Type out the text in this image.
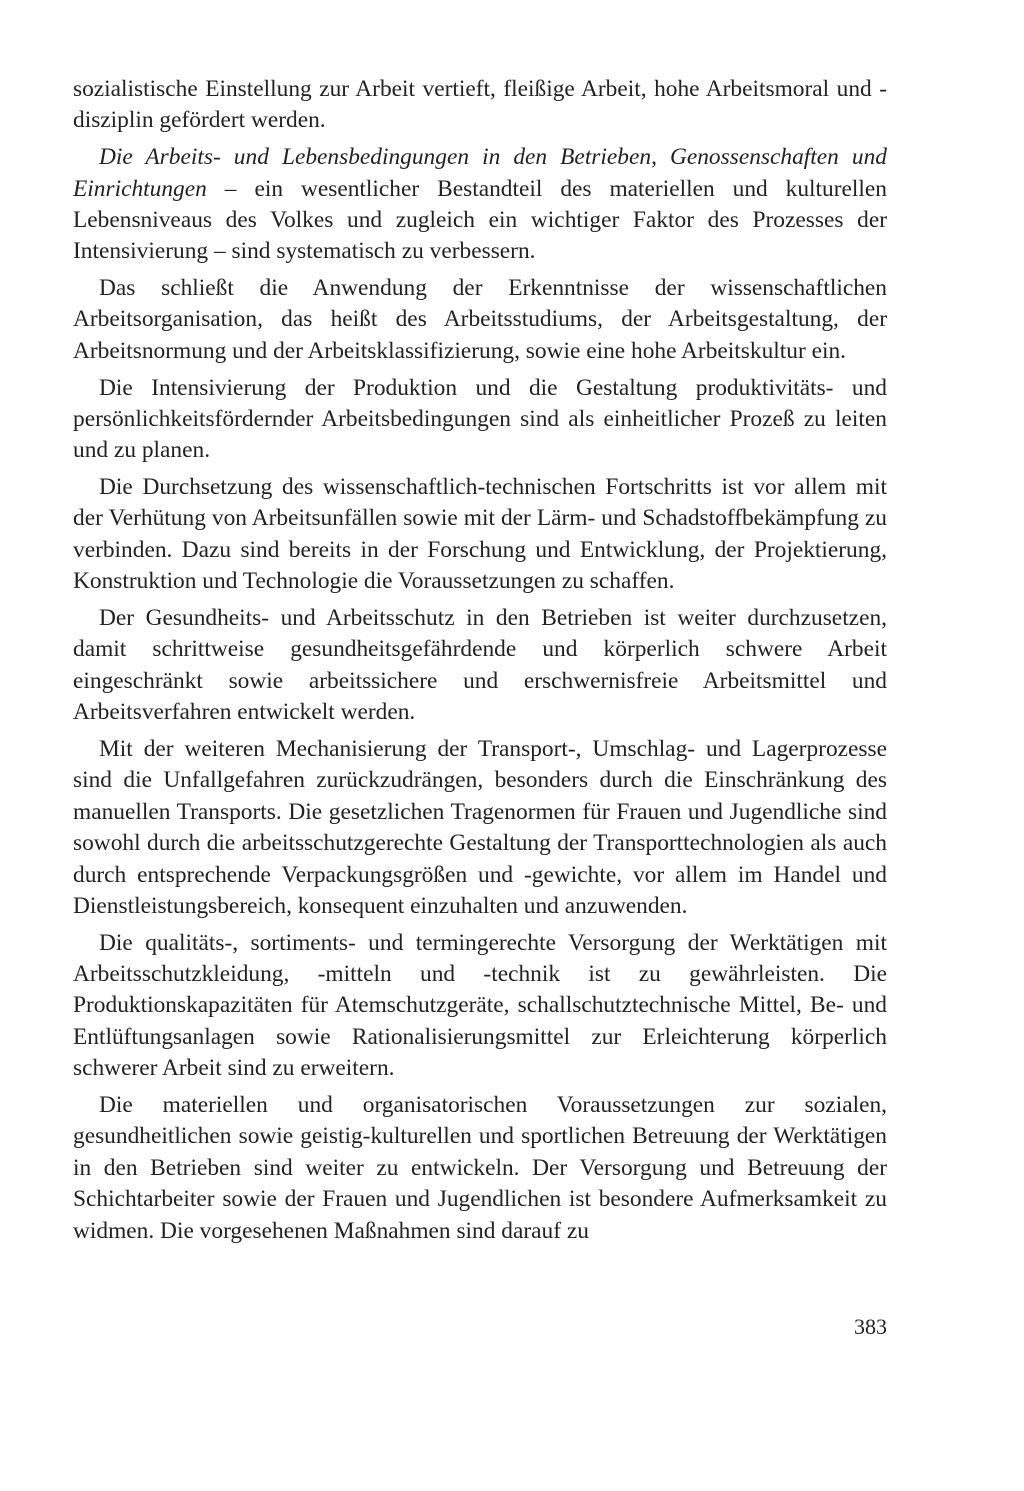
sozialistische Einstellung zur Arbeit vertieft, fleißige Arbeit, hohe Arbeitsmoral und -disziplin gefördert werden.

Die Arbeits- und Lebensbedingungen in den Betrieben, Genossenschaften und Einrichtungen – ein wesentlicher Bestandteil des materiellen und kulturellen Lebensniveaus des Volkes und zugleich ein wichtiger Faktor des Prozesses der Intensivierung – sind systematisch zu verbessern.

Das schließt die Anwendung der Erkenntnisse der wissenschaftlichen Arbeitsorganisation, das heißt des Arbeitsstudiums, der Arbeitsgestaltung, der Arbeitsnormung und der Arbeitsklassifizierung, sowie eine hohe Arbeitskultur ein.

Die Intensivierung der Produktion und die Gestaltung produktivitäts- und persönlichkeitsfördernder Arbeitsbedingungen sind als einheitlicher Prozeß zu leiten und zu planen.

Die Durchsetzung des wissenschaftlich-technischen Fortschritts ist vor allem mit der Verhütung von Arbeitsunfällen sowie mit der Lärm- und Schadstoffbekämpfung zu verbinden. Dazu sind bereits in der Forschung und Entwicklung, der Projektierung, Konstruktion und Technologie die Voraussetzungen zu schaffen.

Der Gesundheits- und Arbeitsschutz in den Betrieben ist weiter durchzusetzen, damit schrittweise gesundheitsgefährdende und körperlich schwere Arbeit eingeschränkt sowie arbeitssichere und erschwernisfreie Arbeitsmittel und Arbeitsverfahren entwickelt werden.

Mit der weiteren Mechanisierung der Transport-, Umschlag- und Lagerprozesse sind die Unfallgefahren zurückzudrängen, besonders durch die Einschränkung des manuellen Transports. Die gesetzlichen Tragenormen für Frauen und Jugendliche sind sowohl durch die arbeitsschutzgerechte Gestaltung der Transporttechnologien als auch durch entsprechende Verpackungsgrößen und -gewichte, vor allem im Handel und Dienstleistungsbereich, konsequent einzuhalten und anzuwenden.

Die qualitäts-, sortiments- und termingerechte Versorgung der Werktätigen mit Arbeitsschutzkleidung, -mitteln und -technik ist zu gewährleisten. Die Produktionskapazitäten für Atemschutzgeräte, schallschutztechnische Mittel, Be- und Entlüftungsanlagen sowie Rationalisierungsmittel zur Erleichterung körperlich schwerer Arbeit sind zu erweitern.

Die materiellen und organisatorischen Voraussetzungen zur sozialen, gesundheitlichen sowie geistig-kulturellen und sportlichen Betreuung der Werktätigen in den Betrieben sind weiter zu entwickeln. Der Versorgung und Betreuung der Schichtarbeiter sowie der Frauen und Jugendlichen ist besondere Aufmerksamkeit zu widmen. Die vorgesehenen Maßnahmen sind darauf zu

383
